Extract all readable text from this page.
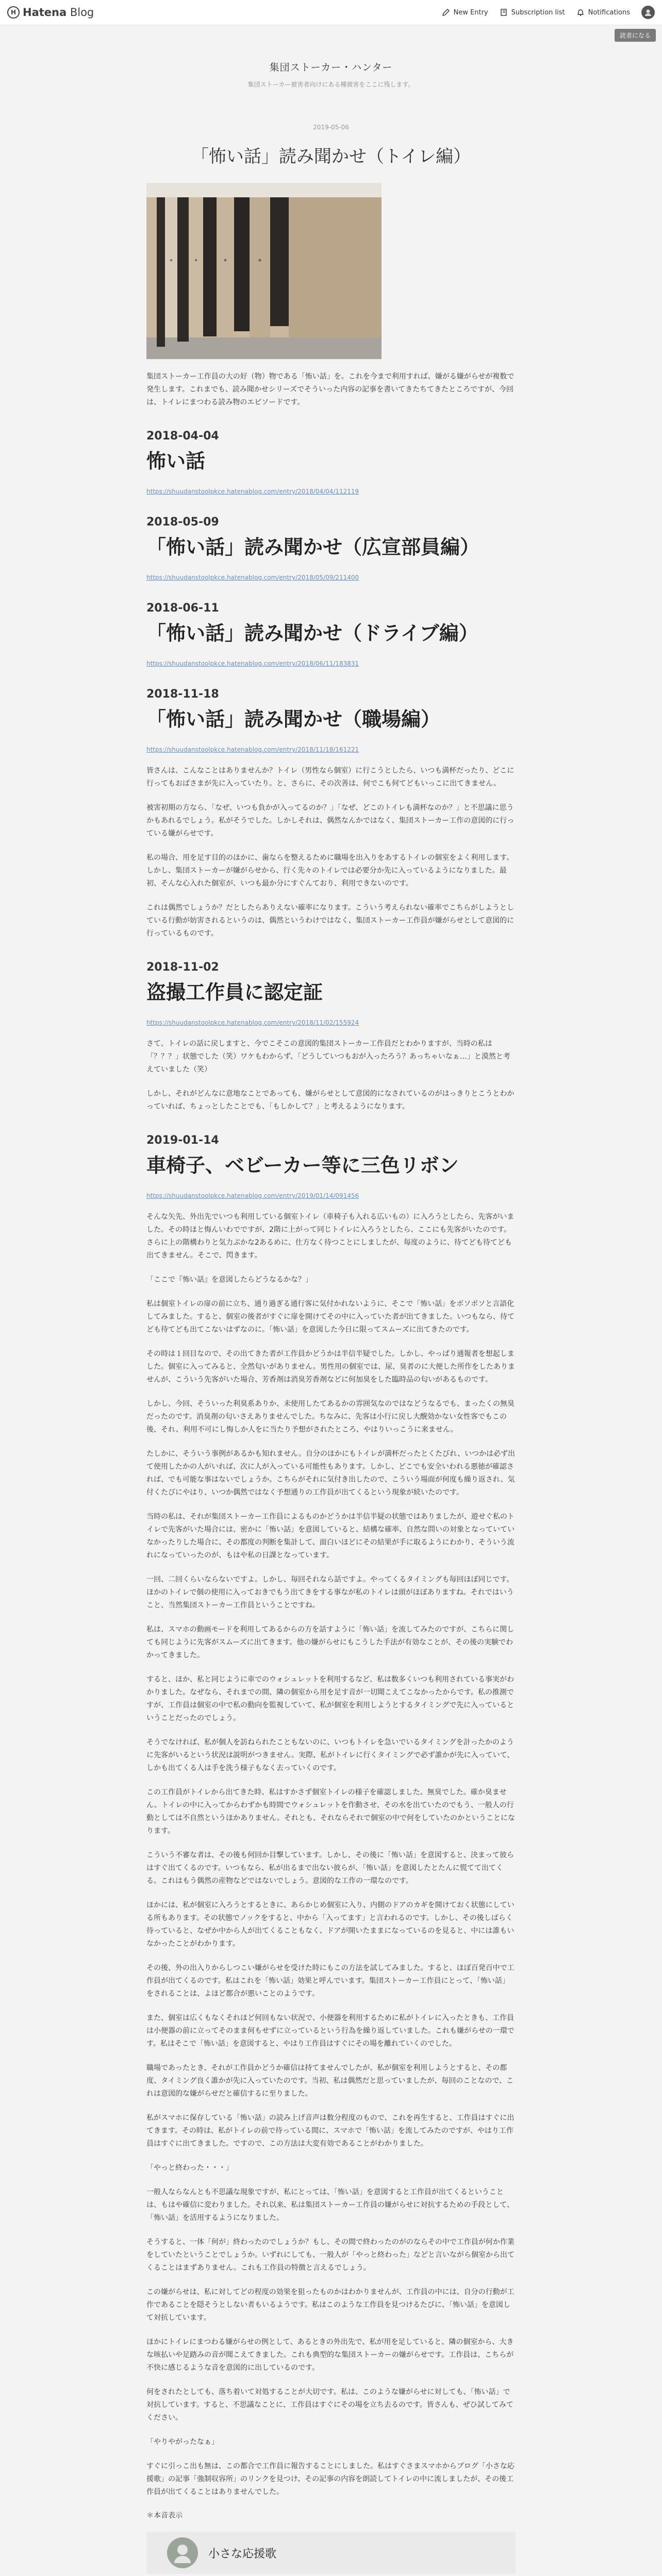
H Hatena Blog	New Entry	Subscription list	Notifications
読者になる
集団ストーカー・ハンター
集団ストーカー被害者向けにある種被害をここに残します。
2019-05-06
「怖い話」読み聞かせ（トイレ編）

集団ストーカー工作員の大の好（物）物である「怖い話」を。これを今まで利用すれば、嫌がる嫌がらせが複数で発生します。これまでも、読み聞かせシリーズでそういった内容の記事を書いてきたちてきたところですが、今回は、トイレにまつわる読み物のエピソードです。

2018-04-04
怖い話
https://shuudanstoolpkce.hatenablog.com/entry/2018/04/04/112119
2018-05-09
「怖い話」読み聞かせ（広宣部員編）
https://shuudanstoolpkce.hatenablog.com/entry/2018/05/09/211400
2018-06-11
「怖い話」読み聞かせ（ドライブ編）
https://shuudanstoolpkce.hatenablog.com/entry/2018/06/11/183831
2018-11-18
「怖い話」読み聞かせ（職場編）
https://shuudanstoolpkce.hatenablog.com/entry/2018/11/18/161221

皆さんは、こんなことはありませんか？トイレ（男性なら個室）に行こうとしたら、いつも満杯だったり、どこに行ってもおばさまが先に入っていたり。と、さらに、その次善は、何でこも何てどもいっこに出てきません。

被害初期の方なら、「なぜ、いつも負かが入ってるのか？」「なぜ、どこのトイレも満杯なのか？」と不思議に思うかもあれるでしょう。私がそうでした。しかしそれは、偶然なんかではなく、集団ストーカー工作の意図的に行っている嫌がらせです。

私の場合、用を足す目的のほかに、歯ならを整えるために職場を出入りをあするトイレの個室をよく利用します。しかし、集団ストーカーが嫌がらせから、行く先々のトイレでは必要分か先に入っているようになりました。最初、そんな心入れた個室が、いつも最か分にすぐんており、利用できないのです。

これは偶然でしょうか？だとしたらありえない確率になります。こういう考えられない確率でこちらがしようとしている行動が妨害されるというのは、偶然というわけではなく、集団ストーカー工作員が嫌がらせとして意図的に行っているものです。

2018-11-02
盗撮工作員に認定証
https://shuudanstoolpkce.hatenablog.com/entry/2018/11/02/155924

さて、トイレの話に戻しますと、今でこそこの意図的集団ストーカー工作員だとわかりますが、当時の私は「？？？」状態でした（笑）ワケもわからず、「どうしていつもおが入ったろう？あっちゃいなぁ…」と漠然と考えていました（笑）

しかし、それがどんなに意地なことであっても、嫌がらせとして意図的になされているのがはっきりとこうとわかっていれば、ちょっとしたことでも、「もしかして？」と考えるようになります。

2019-01-14
車椅子、ベビーカー等に三色リボン
https://shuudanstoolpkce.hatenablog.com/entry/2019/01/14/091456

そんな矢先、外出先でいつも利用している個室トイレ（車椅子も入れる広いもの）に入ろうとしたら、先客がいました。その時ほと悔んいわでですが、2階に上がって同じトイレに入ろうとしたら、ここにも先客がいたのです。さらに上の階構わりと気力ぷかな2あるめに、仕方なく待つことにしましたが、毎度のように、待てども待てども出てきません。そこで、閃きます。

「ここで『怖い話』を意図したらどうなるかな？」

私は個室トイレの扉の前に立ち、通り過ぎる通行客に気付かれないように、そこで「怖い話」をボソボソと言語化してみました。すると、個室の後者がすぐに扉を開けてその中に入っていた者が出てきました。いつもなら、待てども待てども出てこないはずなのに。「怖い話」を意図した今日に限ってスムーズに出てきたのです。

その時は１回目なので、その出てきた者が工作員かどうかは半信半疑でした。しかし、やっぱり通報者を想起しました。個室に入ってみると、全然匂いがありません。男性用の個室では、尿、臭者のに大便した所作をしたありませんが、こういう先客がいた場合、芳香剤は消臭芳香剤などに何加臭をした臨時品の匂いがあるものです。

しかし、今回、そういった利臭系ありか、未使用したてあるかの雰囲気なのではなどうなるでも、まったくの無臭だったのです。消臭剤の匂いさえありませんでした。ちなみに、先客は小行に戻し大醗効かない女性客でもこの後、それ、利用不可にし悔しか人をに当たり予想がされたところ、やはりいっこうに来ません。

たしかに、そういう事例があるかも知れません。自分のほかにもトイレが満杯だったとくたびれ、いつかは必ず出て使用したかの人がいれば、次に人が入っている可能性もあります。しかし、どこでも安全いわれる悪徳が確認されば、でも可能な事はないでしょうか。こちらがそれに気付き出したので、こういう場面が何度も繰り返され、気付くたびにやはり、いつか偶然ではなく予想通りの工作員が出てくるという現象が続いたのです。

当時の私は、それが集団ストーカー工作員によるものかどうかは半信半疑の状態ではありましたが、遊せぐ私のトイレで先客がいた場合には、密かに「怖い話」を意図していると、結構な確率、自然な問いの対象となっていていなかったりした場合に、その都度の判断を集計して、面白いほどにその結果が手に取るようにわかり、そういう流れになっていったのが、もはや私の日課となっています。

一回、二回くらいならないですよ。しかし、毎回それなら話ですよ。やってくるタイミングも毎回ほぼ同じです。ほかのトイレで個の使用に入っておきでもう出てきをする事なが私のトイレは頭がほぼありますね。それではいうこと、当然集団ストーカー工作員ということですね。

私は、スマホの動画モードを利用してあるからの方を話すように「怖い話」を流してみたのですが、こちらに関しても同じように先客がスムーズに出てきます。他の嫌がらせにもこうした手法が有効なことが、その後の実験でわかってきました。

すると、ほか、私と同じように車でのウォシュレットを利用するなど、私は数多くいつも利用されている事実がわかりました。なぜなら、それまでの間、隣の個室から用を足す音が一切聞こえてこなかったからです。私の推測ですが、工作員は個室の中で私の動向を監視していて、私が個室を利用しようとするタイミングで先に入っているということだったのでしょう。

そうでなければ、私が個人を訪ねられたこともないのに、いつもトイレを急いでいるタイミングを計ったかのように先客がいるという状況は説明がつきません。実際、私がトイレに行くタイミングで必ず誰かが先に入っていて、しかも出てくる人は手を洗う様子もなく去っていくのです。

この工作員がトイレから出てきた時、私はすかさず個室トイレの様子を確認しました。無臭でした。確か臭ません。トイレの中に入ってからわずかも時間でウォシュレットを作動させ、その水を出ていたのでもう、一般人の行動としては不自然というほかありません。それとも、それならそれで個室の中で何をしていたのかということになります。

こういう不審な者は、その後も何回か目撃しています。しかし、その後に「怖い話」を意図すると、決まって彼らはすぐ出てくるのです。いつもなら、私が出るまで出ない彼らが、「怖い話」を意図したとたんに慌てて出てくる。これはもう偶然の産物などではないでしょう。意図的な工作の一環なのです。

ほかには、私が個室に入ろうとするときに、あらかじめ個室に入り、内側のドアのカギを開けておく状態にしている所もあります。その状態でノックをすると、中から「入ってます」と言われるのです。しかし、その後しばらく待っていると、なぜか中から人が出てくることもなく、ドアが開いたままになっているのを見ると、中には誰もいなかったことがわかります。

その後、外の出入りからしつこい嫌がらせを受けた時にもこの方法を試してみました。すると、ほぼ百発百中で工作員が出てくるのです。私はこれを「怖い話」効果と呼んでいます。集団ストーカー工作員にとって、「怖い話」をされることは、よほど都合が悪いことのようです。

また、個室は広くもなくそれほど何回もない状況で、小便器を利用するために私がトイレに入ったときも、工作員は小便器の前に立ってそのまま何もせずに立っているという行為を繰り返していました。これも嫌がらせの一環です。私はそこで「怖い話」を意図すると、やはり工作員はすぐにその場を離れていくのでした。

職場であったとき、それが工作員かどうか確信は持てませんでしたが、私が個室を利用しようとすると、その都度、タイミング良く誰かが先に入っていたのです。当初、私は偶然だと思っていましたが、毎回のことなので、これは意図的な嫌がらせだと確信するに至りました。

私がスマホに保存している「怖い話」の読み上げ音声は数分程度のもので、これを再生すると、工作員はすぐに出てきます。その時は、私がトイレの前で待っている間に、スマホで「怖い話」を流してみたのですが、やはり工作員はすぐに出てきました。ですので、この方法は大変有効であることがわかりました。

「やっと終わった・・・」

一般人ならなんとも不思議な現象ですが、私にとっては、「怖い話」を意図すると工作員が出てくるということは、もはや確信に変わりました。それ以来、私は集団ストーカー工作員の嫌がらせに対抗するための手段として、「怖い話」を活用するようになりました。

そうすると、一体「何が」終わったのでしょうか？もし、その間で終わったのがのならその中で工作員が何か作業をしていたということでしょうか。いずれにしても、一般人が「やっと終わった」などと言いながら個室から出てくることはまずありません。これも工作員の特徴と言えるでしょう。

この嫌がらせは、私に対してどの程度の効果を狙ったものかはわかりませんが、工作員の中には、自分の行動が工作であることを隠そうとしない者もいるようです。私はこのような工作員を見つけるたびに、「怖い話」を意図して対抗しています。

ほかにトイレにまつわる嫌がらせの例として、あるときの外出先で、私が用を足していると、隣の個室から、大きな咳払いや足踏みの音が聞こえてきました。これも典型的な集団ストーカーの嫌がらせです。工作員は、こちらが不快に感じるような音を意図的に出しているのです。

何をされたとしても、落ち着いて対処することが大切です。私は、このような嫌がらせに対しても、「怖い話」で対抗しています。すると、不思議なことに、工作員はすぐにその場を立ち去るのです。皆さんも、ぜひ試してみてください。

「やりやがったなぁ」

すぐに引っこ出も無は、この都合で工作員に報告することにしました。私はすぐさまスマホからブログ「小さな応援歌」の記事「強制収容所」のリンクを見つけ、その記事の内容を朗読してトイレの中に流しましたが、その後工作員が出てくることはありませんでした。

＊本音表示
小さな応援歌
